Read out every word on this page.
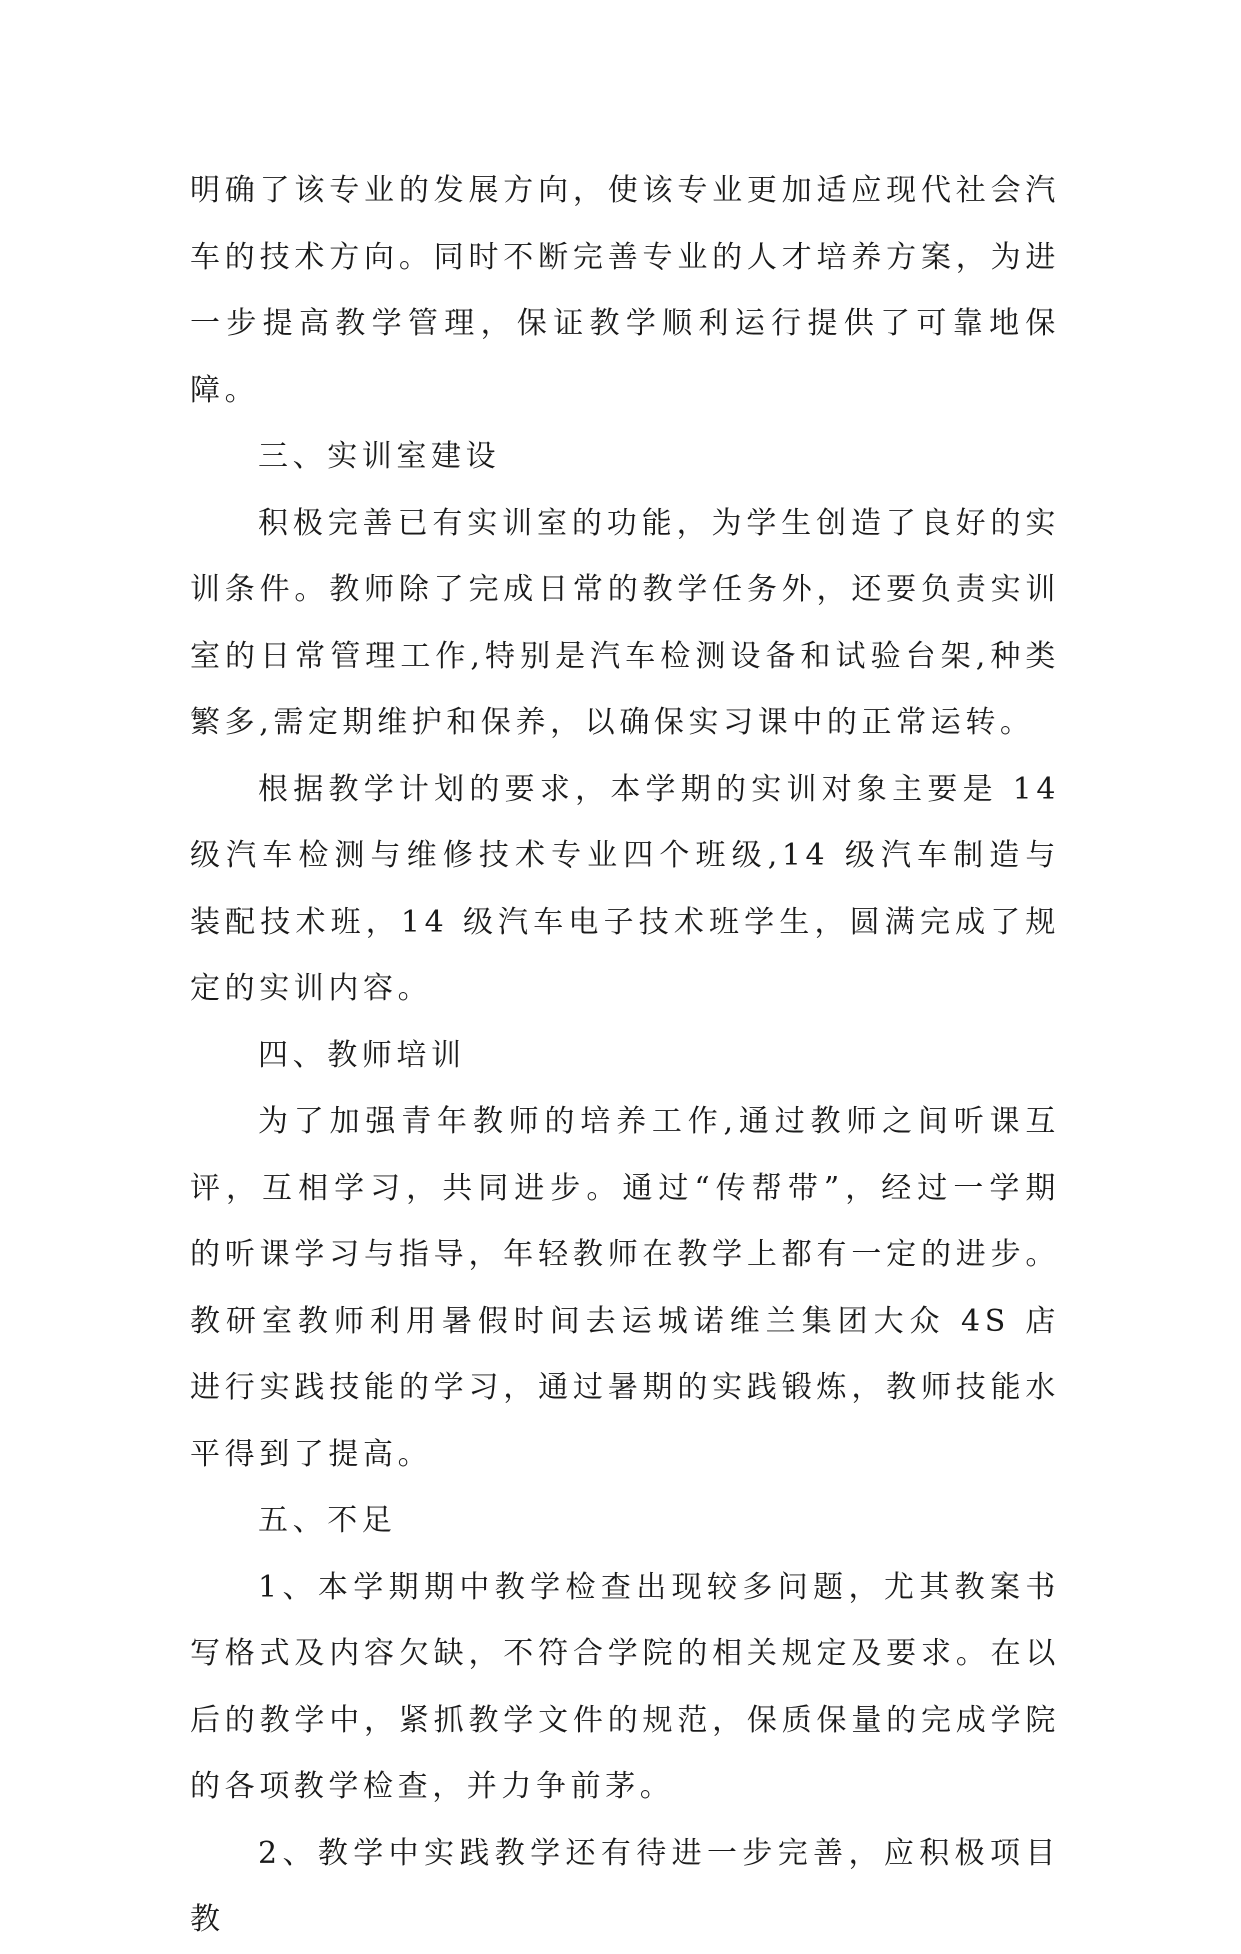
明确了该专业的发展方向，使该专业更加适应现代社会汽车的技术方向。同时不断完善专业的人才培养方案，为进一步提高教学管理，保证教学顺利运行提供了可靠地保障。

三、实训室建设

积极完善已有实训室的功能，为学生创造了良好的实训条件。教师除了完成日常的教学任务外，还要负责实训室的日常管理工作,特别是汽车检测设备和试验台架,种类繁多,需定期维护和保养，以确保实习课中的正常运转。

根据教学计划的要求，本学期的实训对象主要是 14 级汽车检测与维修技术专业四个班级,14 级汽车制造与装配技术班，14 级汽车电子技术班学生，圆满完成了规定的实训内容。

四、教师培训

为了加强青年教师的培养工作,通过教师之间听课互评，互相学习，共同进步。通过“传帮带”，经过一学期的听课学习与指导，年轻教师在教学上都有一定的进步。教研室教师利用暑假时间去运城诺维兰集团大众 4S 店进行实践技能的学习，通过暑期的实践锻炼，教师技能水平得到了提高。

五、不足

1、本学期期中教学检查出现较多问题，尤其教案书写格式及内容欠缺，不符合学院的相关规定及要求。在以后的教学中，紧抓教学文件的规范，保质保量的完成学院的各项教学检查，并力争前茅。

2、教学中实践教学还有待进一步完善，应积极项目教
